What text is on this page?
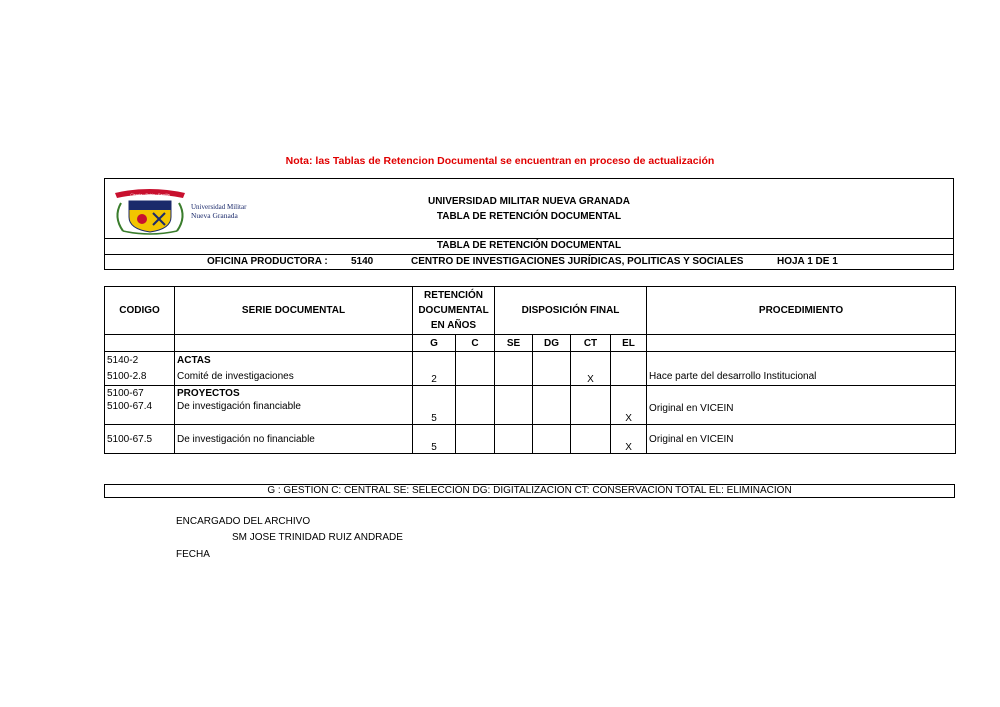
Nota: las Tablas de Retencion Documental se encuentran en proceso de actualización
Ciencia · Patria · Familia
Universidad Militar
Nueva Granada
UNIVERSIDAD MILITAR NUEVA GRANADA
TABLA DE RETENCIÓN DOCUMENTAL
TABLA DE RETENCIÓN DOCUMENTAL
OFICINA PRODUCTORA : 5140	CENTRO DE INVESTIGACIONES JURÍDICAS, POLITICAS Y SOCIALES	HOJA 1 DE 1
CODIGO	SERIE DOCUMENTAL	RETENCIÓN
DOCUMENTAL
EN AÑOS		DISPOSICIÓN FINAL				PROCEDIMIENTO
		G	C	SE	DG	CT	EL	
5140-2	ACTAS	2				X		Hace parte del desarrollo Institucional
5100-2.8	Comité de investigaciones							
5100-67	PROYECTOS	5					X	Original en VICEIN
5100-67.4	De investigación financiable							
5100-67.5	De investigación no financiable	5					X	Original en VICEIN
G : GESTION C: CENTRAL SE: SELECCIÓN DG: DIGITALIZACION CT: CONSERVACIÓN TOTAL EL: ELIMINACION
ENCARGADO DEL ARCHIVO
SM JOSE TRINIDAD RUIZ ANDRADE
FECHA
